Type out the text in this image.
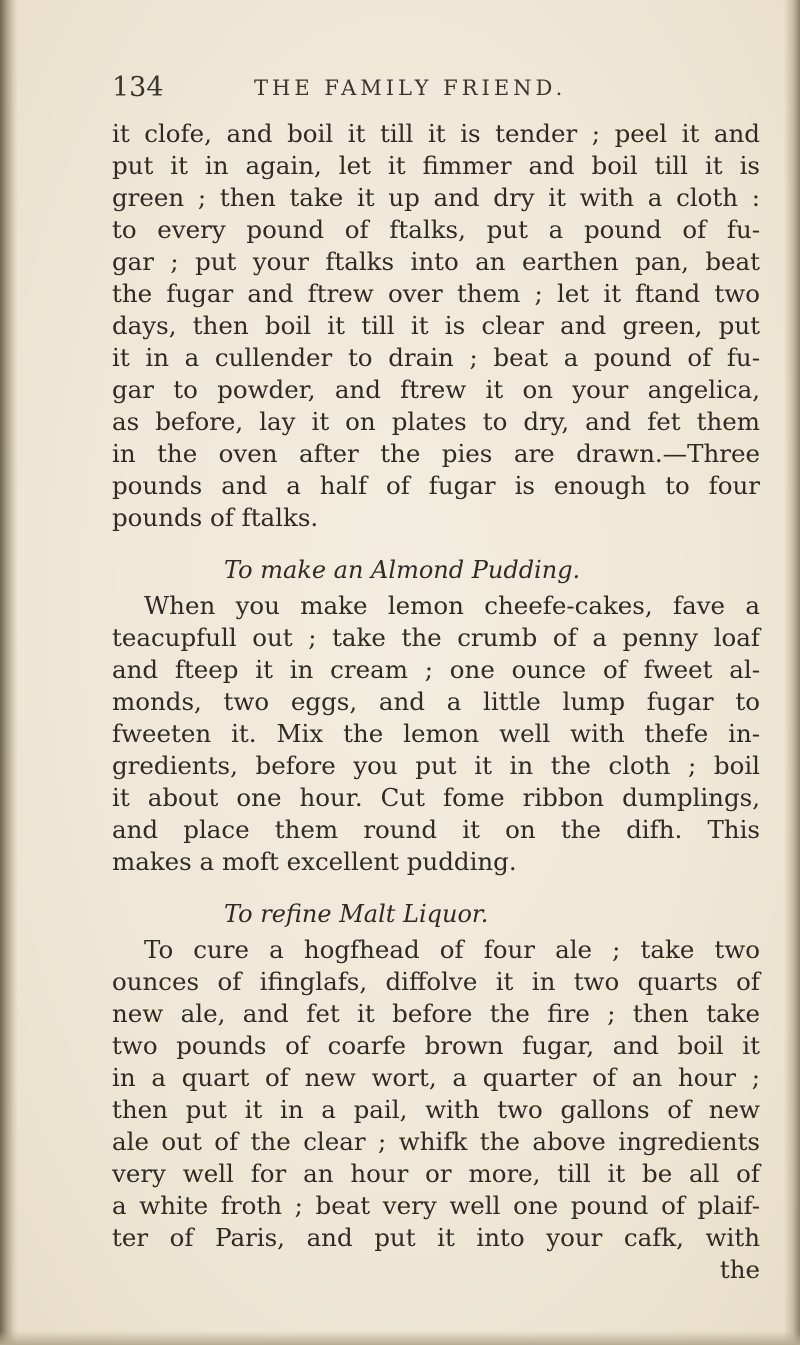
134	THE FAMILY FRIEND.
it clofe, and boil it till it is tender ; peel it and
put it in again, let it fimmer and boil till it is
green ; then take it up and dry it with a cloth :
to every pound of ftalks, put a pound of fu-
gar ; put your ftalks into an earthen pan, beat
the fugar and ftrew over them ; let it ftand two
days, then boil it till it is clear and green, put
it in a cullender to drain ; beat a pound of fu-
gar to powder, and ftrew it on your angelica,
as before, lay it on plates to dry, and fet them
in the oven after the pies are drawn.—Three
pounds and a half of fugar is enough to four
pounds of ftalks.
To make an Almond Pudding.
When you make lemon cheefe-cakes, fave a
teacupfull out ; take the crumb of a penny loaf
and fteep it in cream ; one ounce of fweet al-
monds, two eggs, and a little lump fugar to
fweeten it. Mix the lemon well with thefe in-
gredients, before you put it in the cloth ; boil
it about one hour. Cut fome ribbon dumplings,
and place them round it on the difh. This
makes a moft excellent pudding.
To refine Malt Liquor.
To cure a hogfhead of four ale ; take two
ounces of ifinglafs, diffolve it in two quarts of
new ale, and fet it before the fire ; then take
two pounds of coarfe brown fugar, and boil it
in a quart of new wort, a quarter of an hour ;
then put it in a pail, with two gallons of new
ale out of the clear ; whifk the above ingredients
very well for an hour or more, till it be all of
a white froth ; beat very well one pound of plaif-
ter of Paris, and put it into your cafk, with
the
